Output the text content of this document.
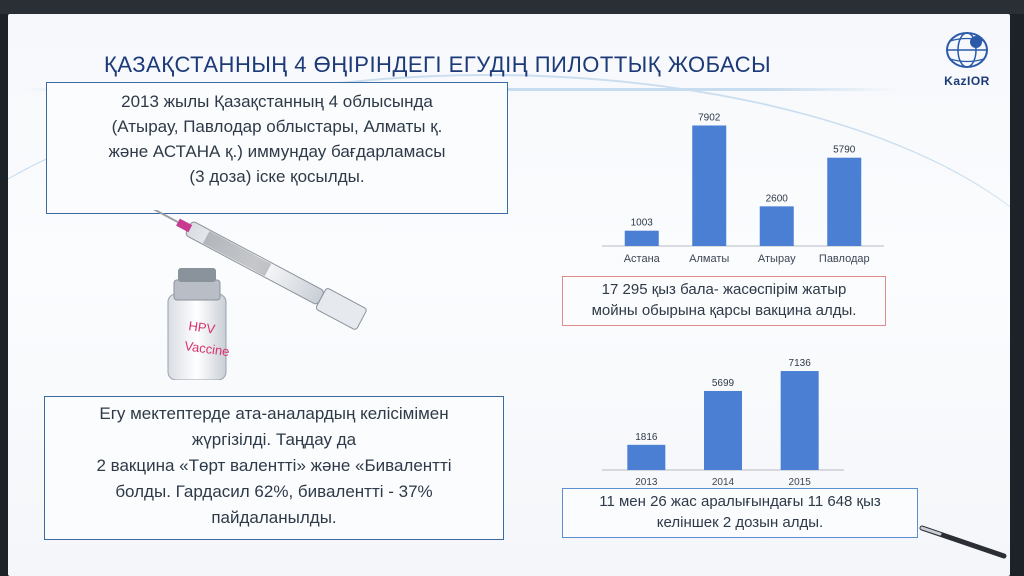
ҚАЗАҚСТАННЫҢ 4 ӨҢІРІНДЕГІ ЕГУДІҢ ПИЛОТТЫҚ ЖОБАСЫ
KazIOR
2013 жылы Қазақстанның 4 облысында
(Атырау, Павлодар облыстары, Алматы қ.
және АСТАНА қ.) иммундау бағдарламасы
(3 доза) іске қосылды.
HPV
Vaccine
Егу мектептерде ата-аналардың келісімімен
жүргізілді. Таңдау да
2 вакцина «Төрт валентті» және «Бивалентті
болды. Гардасил 62%, бивалентті - 37%
пайдаланылды.
1003
Астана
7902
Алматы
2600
Атырау
5790
Павлодар
17 295 қыз бала- жасөспірім жатыр
мойны обырына қарсы вакцина алды.
1816
2013
5699
2014
7136
2015
11 мен 26 жас аралығындағы 11 648 қыз
келіншек 2 дозын алды.
